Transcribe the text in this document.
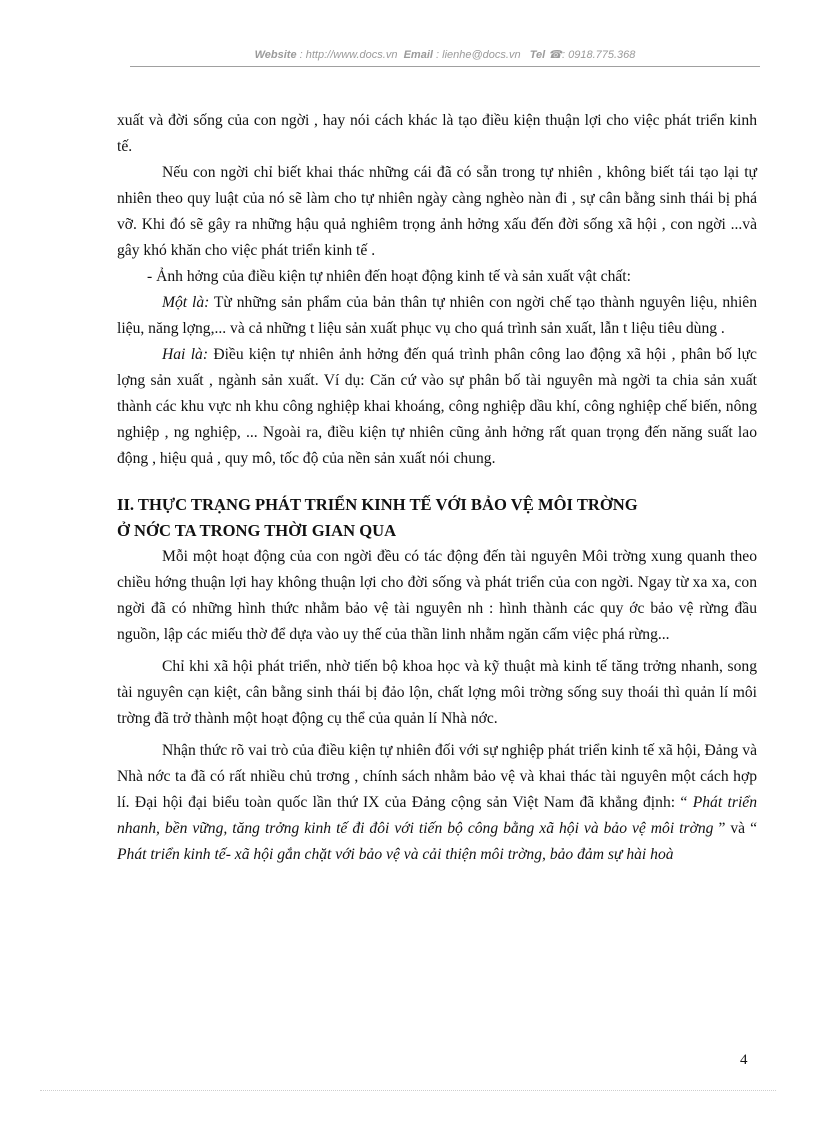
Website : http://www.docs.vn Email : lienhe@docs.vn Tel ☎: 0918.775.368

xuất và đời sống của con ngời , hay nói cách khác là tạo điều kiện thuận lợi cho việc phát triển kinh tế.

Nếu con ngời chỉ biết khai thác những cái đã có sẵn trong tự nhiên , không biết tái tạo lại tự nhiên theo quy luật của nó sẽ làm cho tự nhiên ngày càng nghèo nàn đi , sự cân bằng sinh thái bị phá vỡ. Khi đó sẽ gây ra những hậu quả nghiêm trọng ảnh hởng xấu đến đời sống xã hội , con ngời ...và gây khó khăn cho việc phát triển kinh tế .

- Ảnh hởng của điều kiện tự nhiên đến hoạt động kinh tế và sản xuất vật chất:

Một là: Từ những sản phẩm của bản thân tự nhiên con ngời chế tạo thành nguyên liệu, nhiên liệu, năng lợng,... và cả những t liệu sản xuất phục vụ cho quá trình sản xuất, lẫn t liệu tiêu dùng .

Hai là: Điều kiện tự nhiên ảnh hởng đến quá trình phân công lao động xã hội , phân bố lực lợng sản xuất , ngành sản xuất. Ví dụ: Căn cứ vào sự phân bố tài nguyên mà ngời ta chia sản xuất thành các khu vực nh khu công nghiệp khai khoáng, công nghiệp dầu khí, công nghiệp chế biến, nông nghiệp , ng nghiệp, ... Ngoài ra, điều kiện tự nhiên cũng ảnh hởng rất quan trọng đến năng suất lao động , hiệu quả , quy mô, tốc độ của nền sản xuất nói chung.

II. THỰC TRẠNG PHÁT TRIỂN KINH TẾ VỚI BẢO VỆ MÔI TRỜNG

Ở NỚC TA TRONG THỜI GIAN QUA

Mỗi một hoạt động của con ngời đều có tác động đến tài nguyên Môi trờng xung quanh theo chiều hớng thuận lợi hay không thuận lợi cho đời sống và phát triển của con ngời. Ngay từ xa xa, con ngời đã có những hình thức nhằm bảo vệ tài nguyên nh : hình thành các quy ớc bảo vệ rừng đầu nguồn, lập các miếu thờ để dựa vào uy thế của thần linh nhằm ngăn cấm việc phá rừng...

Chỉ khi xã hội phát triển, nhờ tiến bộ khoa học và kỹ thuật mà kinh tế tăng trởng nhanh, song tài nguyên cạn kiệt, cân bằng sinh thái bị đảo lộn, chất lợng môi trờng sống suy thoái thì quản lí môi trờng đã trở thành một hoạt động cụ thể của quản lí Nhà nớc.

Nhận thức rõ vai trò của điều kiện tự nhiên đối với sự nghiệp phát triển kinh tế xã hội, Đảng và Nhà nớc ta đã có rất nhiều chủ trơng , chính sách nhằm bảo vệ và khai thác tài nguyên một cách hợp lí. Đại hội đại biểu toàn quốc lần thứ IX của Đảng cộng sản Việt Nam đã khẳng định: “ Phát triển nhanh, bền vững, tăng trởng kinh tế đi đôi với tiến bộ công bằng xã hội và bảo vệ môi trờng ” và “ Phát triển kinh tế- xã hội gắn chặt với bảo vệ và cải thiện môi trờng, bảo đảm sự hài hoà

4
